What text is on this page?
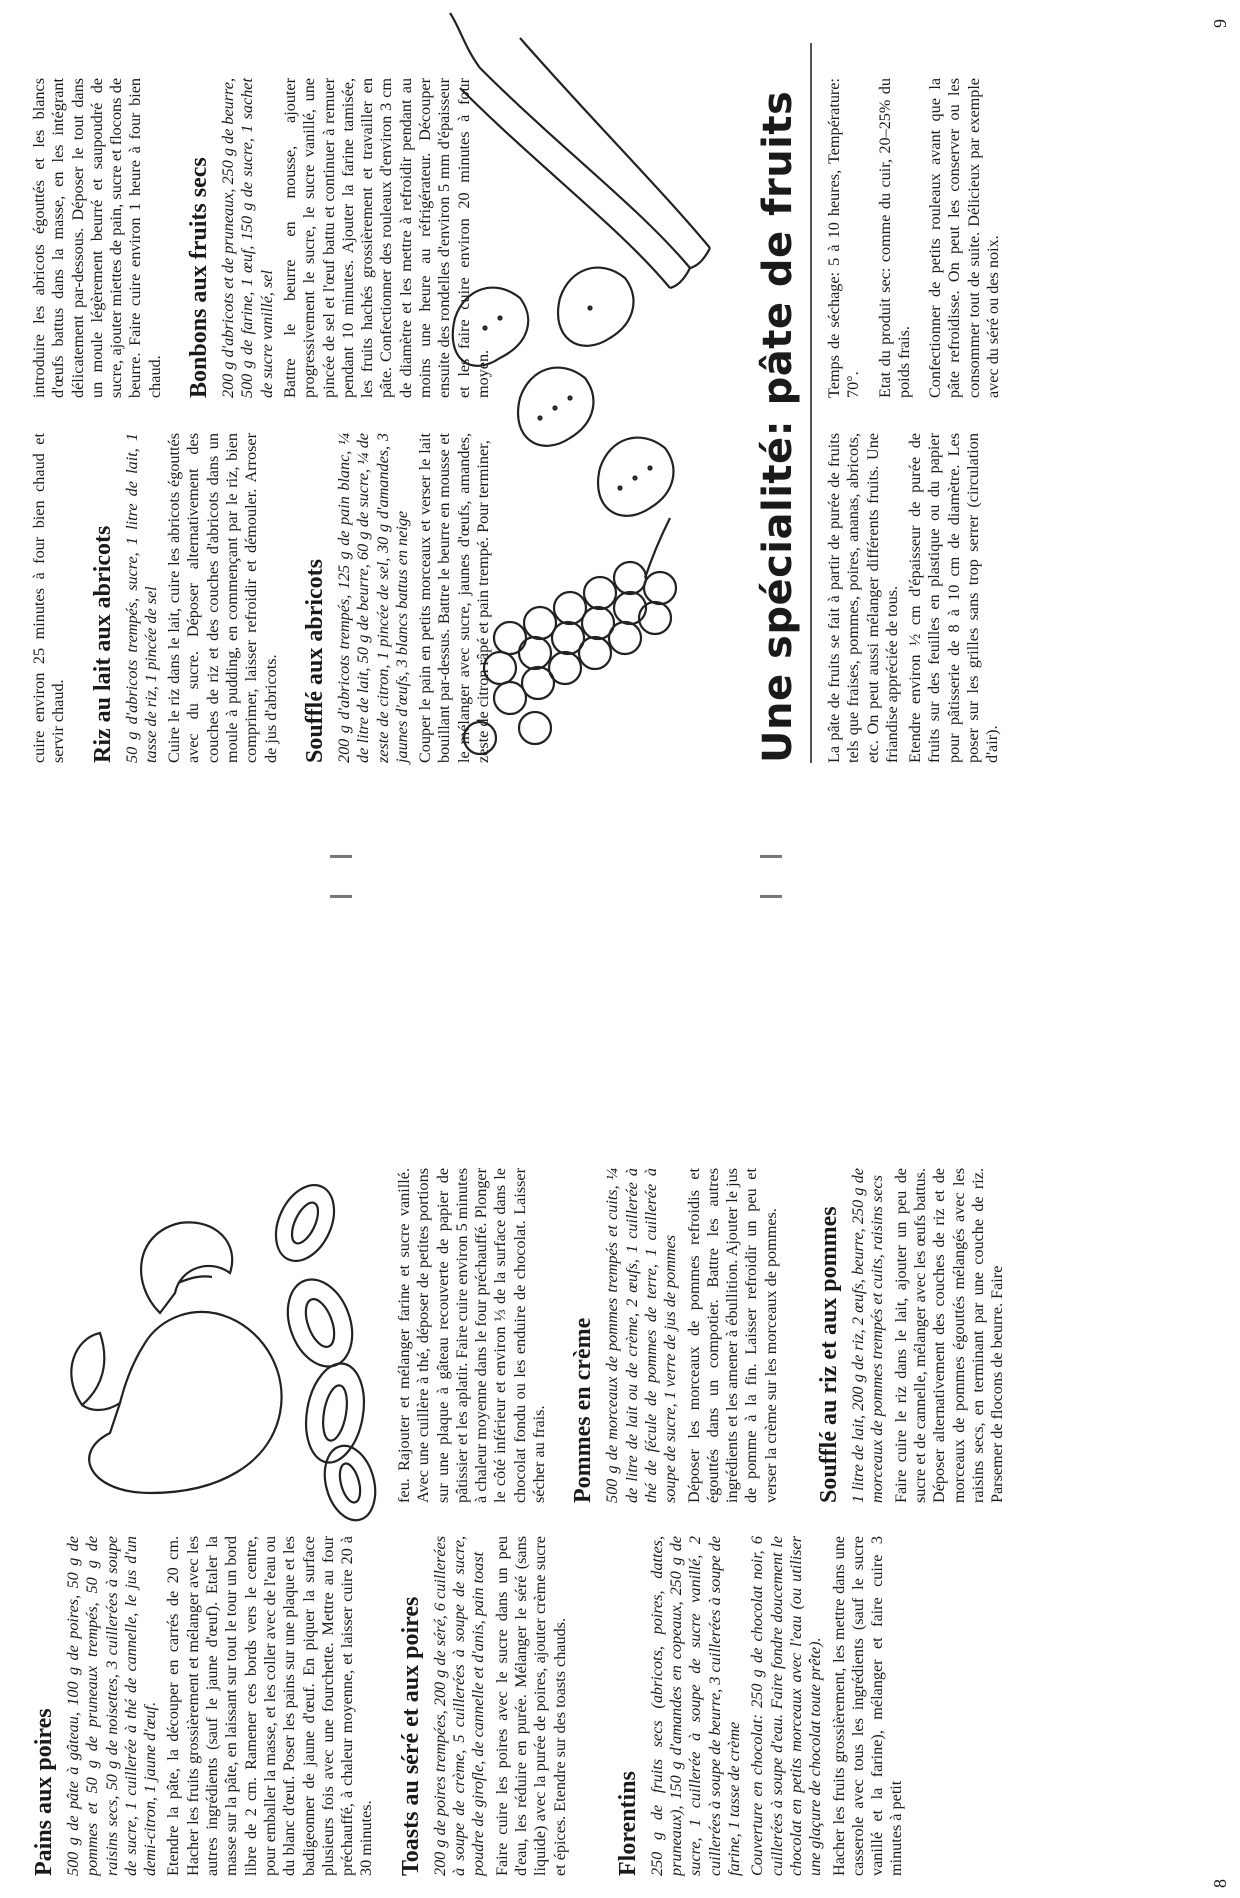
Pains aux poires 500 g de pâte à gâteau, 100 g de poires, 50 g de pommes et 50 g de pruneaux trempés, 50 g de raisins secs, 50 g de noisettes, 3 cuillerées à soupe de sucre, 1 cuillerée à thé de cannelle, le jus d'un demi-citron, 1 jaune d'œuf. Etendre la pâte, la découper en carrés de 20 cm. Hacher les fruits grossièrement et mélanger avec les autres ingrédients (sauf le jaune d'œuf). Etaler la masse sur la pâte, en laissant sur tout le tour un bord libre de 2 cm. Ramener ces bords vers le centre, pour emballer la masse, et les coller avec de l'eau ou du blanc d'œuf. Poser les pains sur une plaque et les badigeonner de jaune d'œuf. En piquer la surface plusieurs fois avec une fourchette. Mettre au four préchauffé, à chaleur moyenne, et laisser cuire 20 à 30 minutes. Toasts au séré et aux poires 200 g de poires trempées, 200 g de séré, 6 cuillerées à soupe de crème, 5 cuillerées à soupe de sucre, poudre de girofle, de cannelle et d'anis, pain toast Faire cuire les poires avec le sucre dans un peu d'eau, les réduire en purée. Mélanger le séré (sans liquide) avec la purée de poires, ajouter crème sucre et épices. Etendre sur des toasts chauds. Florentins 250 g de fruits secs (abricots, poires, dattes, pruneaux), 150 g d'amandes en copeaux, 250 g de sucre, 1 cuillerée à soupe de sucre vanillé, 2 cuillerées à soupe de beurre, 3 cuillerées à soupe de farine, 1 tasse de crème Couverture en chocolat: 250 g de chocolat noir, 6 cuillerées à soupe d'eau. Faire fondre doucement le chocolat en petits morceaux avec l'eau (ou utiliser une glaçure de chocolat toute prête). Hacher les fruits grossièrement, les mettre dans une casserole avec tous les ingrédients (sauf le sucre vanillé et la farine), mélanger et faire cuire 3 minutes à petit

feu. Rajouter et mélanger farine et sucre vanillé. Avec une cuillère à thé, déposer de petites portions sur une plaque à gâteau recouverte de papier de pâtissier et les aplatir. Faire cuire environ 5 minutes à chaleur moyenne dans le four préchauffé. Plonger le côté inférieur et environ ⅓ de la surface dans le chocolat fondu ou les enduire de chocolat. Laisser sécher au frais. Pommes en crème 500 g de morceaux de pommes trempés et cuits, ¼ de litre de lait ou de crème, 2 œufs, 1 cuillerée à thé de fécule de pommes de terre, 1 cuillerée à soupe de sucre, 1 verre de jus de pommes Déposer les morceaux de pommes refroidis et égouttés dans un compotier. Battre les autres ingrédients et les amener à ébullition. Ajouter le jus de pomme à la fin. Laisser refroidir un peu et verser la crème sur les morceaux de pommes. Soufflé au riz et aux pommes 1 litre de lait, 200 g de riz, 2 œufs, beurre, 250 g de morceaux de pommes trempés et cuits, raisins secs Faire cuire le riz dans le lait, ajouter un peu de sucre et de cannelle, mélanger avec les œufs battus. Déposer alternativement des couches de riz et de morceaux de pommes égouttés mélangés avec les raisins secs, en terminant par une couche de riz. Parsemer de flocons de beurre. Faire

8

cuire environ 25 minutes à four bien chaud et servir chaud. Riz au lait aux abricots 50 g d'abricots trempés, sucre, 1 litre de lait, 1 tasse de riz, 1 pincée de sel Cuire le riz dans le lait, cuire les abricots égouttés avec du sucre. Déposer alternativement des couches de riz et des couches d'abricots dans un moule à pudding, en commençant par le riz, bien comprimer, laisser refroidir et démouler. Arroser de jus d'abricots. Soufflé aux abricots 200 g d'abricots trempés, 125 g de pain blanc, ¼ de litre de lait, 50 g de beurre, 60 g de sucre, ¼ de zeste de citron, 1 pincée de sel, 30 g d'amandes, 3 jaunes d'œufs, 3 blancs battus en neige Couper le pain en petits morceaux et verser le lait bouillant par-dessus. Battre le beurre en mousse et le mélanger avec sucre, jaunes d'œufs, amandes, zeste de citron râpé et pain trempé. Pour terminer,

introduire les abricots égouttés et les blancs d'œufs battus dans la masse, en les intégrant délicatement par-dessous. Déposer le tout dans un moule légèrement beurré et saupoudré de sucre, ajouter miettes de pain, sucre et flocons de beurre. Faire cuire environ 1 heure à four bien chaud. Bonbons aux fruits secs 200 g d'abricots et de pruneaux, 250 g de beurre, 500 g de farine, 1 œuf, 150 g de sucre, 1 sachet de sucre vanillé, sel Battre le beurre en mousse, ajouter progressivement le sucre, le sucre vanillé, une pincée de sel et l'œuf battu et continuer à remuer pendant 10 minutes. Ajouter la farine tamisée, les fruits hachés grossièrement et travailler en pâte. Confectionner des rouleaux d'environ 3 cm de diamètre et les mettre à refroidir pendant au moins une heure au réfrigérateur. Découper ensuite des rondelles d'environ 5 mm d'épaisseur et les faire cuire environ 20 minutes à four moyen.	Une spécialité: pâte de fruits La pâte de fruits se fait à partir de purée de fruits tels que fraises, pommes, poires, ananas, abricots, etc. On peut aussi mélanger différents fruits. Une friandise appréciée de tous. Etendre environ ½ cm d'épaisseur de purée de fruits sur des feuilles en plastique ou du papier pour pâtisserie de 8 à 10 cm de diamètre. Les poser sur les grilles sans trop serrer (circulation d'air).

Temps de séchage: 5 à 10 heures, Température: 70°. Etat du produit sec: comme du cuir, 20–25% du poids frais. Confectionner de petits rouleaux avant que la pâte refroidisse. On peut les conserver ou les consommer tout de suite. Délicieux par exemple avec du séré ou des noix.

9
